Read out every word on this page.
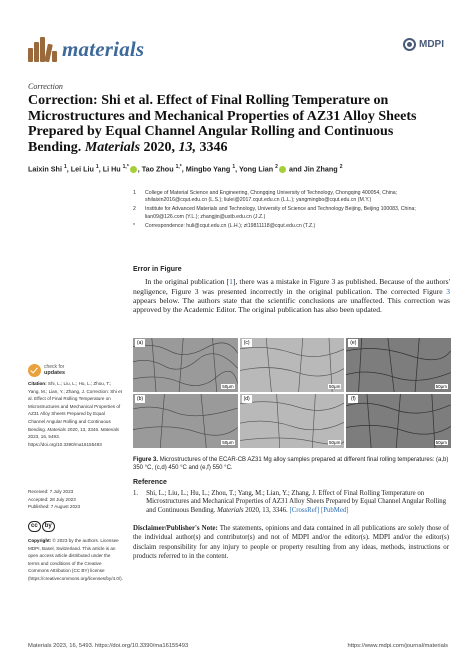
materials	MDPI
Correction
Correction: Shi et al. Effect of Final Rolling Temperature on Microstructures and Mechanical Properties of AZ31 Alloy Sheets Prepared by Equal Channel Angular Rolling and Continuous Bending. Materials 2020, 13, 3346
Laixin Shi $^1$, Lei Liu $^1$, Li Hu $^{1,*}$ , Tao Zhou $^{1,*}$, Mingbo Yang $^1$, Yong Lian $^2$ and Jin Zhang $^2$
1	College of Material Science and Engineering, Chongqing University of Technology, Chongqing 400054, China; shilaixin2016@cqut.edu.cn (L.S.); liulei@2017.cqut.edu.cn (L.L.); yangmingbo@cqut.edu.cn (M.Y.)
2	Institute for Advanced Materials and Technology, University of Science and Technology Beijing, Beijing 100083, China; lian09@126.com (Y.L.); zhangjin@ustb.edu.cn (J.Z.)
*	Correspondence: huli@cqut.edu.cn (L.H.); zt19811118@cqut.edu.cn (T.Z.)
check for
updates
Citation: Shi, L.; Liu, L.; Hu, L.; Zhou, T.; Yang, M.; Lian, Y.; Zhang, J. Correction: Shi et al. Effect of Final Rolling Temperature on Microstructures and Mechanical Properties of AZ31 Alloy Sheets Prepared by Equal Channel Angular Rolling and Continuous Bending. Materials 2020, 13, 3346. Materials 2023, 16, 5493. https://doi.org/10.3390/ma16155493
Received: 7 July 2023
Accepted: 28 July 2023
Published: 7 August 2023
cc	by
Copyright: © 2023 by the authors. Licensee MDPI, Basel, Switzerland. This article is an open access article distributed under the terms and conditions of the Creative Commons Attribution (CC BY) license (https://creativecommons.org/licenses/by/4.0/).
Error in Figure

In the original publication [1], there was a mistake in Figure 3 as published. Because of the authors' negligence, Figure 3 was presented incorrectly in the original publication. The corrected Figure 3 appears below. The authors state that the scientific conclusions are unaffected. This correction was approved by the Academic Editor. The original publication has also been updated.

(a)
50μm
(c)
50μm
(e)
50μm
(b)
50μm
(d)
50μm
(f)
50μm
Figure 3. Microstructures of the ECAR-CB AZ31 Mg alloy samples prepared at different final rolling temperatures: (a,b) 350 °C, (c,d) 450 °C and (e,f) 550 °C.
Reference
1. Shi, L.; Liu, L.; Hu, L.; Zhou, T.; Yang, M.; Lian, Y.; Zhang, J. Effect of Final Rolling Temperature on Microstructures and Mechanical Properties of AZ31 Alloy Sheets Prepared by Equal Channel Angular Rolling and Continuous Bending. Materials 2020, 13, 3346. [CrossRef] [PubMed]
Disclaimer/Publisher's Note: The statements, opinions and data contained in all publications are solely those of the individual author(s) and contributor(s) and not of MDPI and/or the editor(s). MDPI and/or the editor(s) disclaim responsibility for any injury to people or property resulting from any ideas, methods, instructions or products referred to in the content.
Materials 2023, 16, 5493. https://doi.org/10.3390/ma16155493	https://www.mdpi.com/journal/materials
